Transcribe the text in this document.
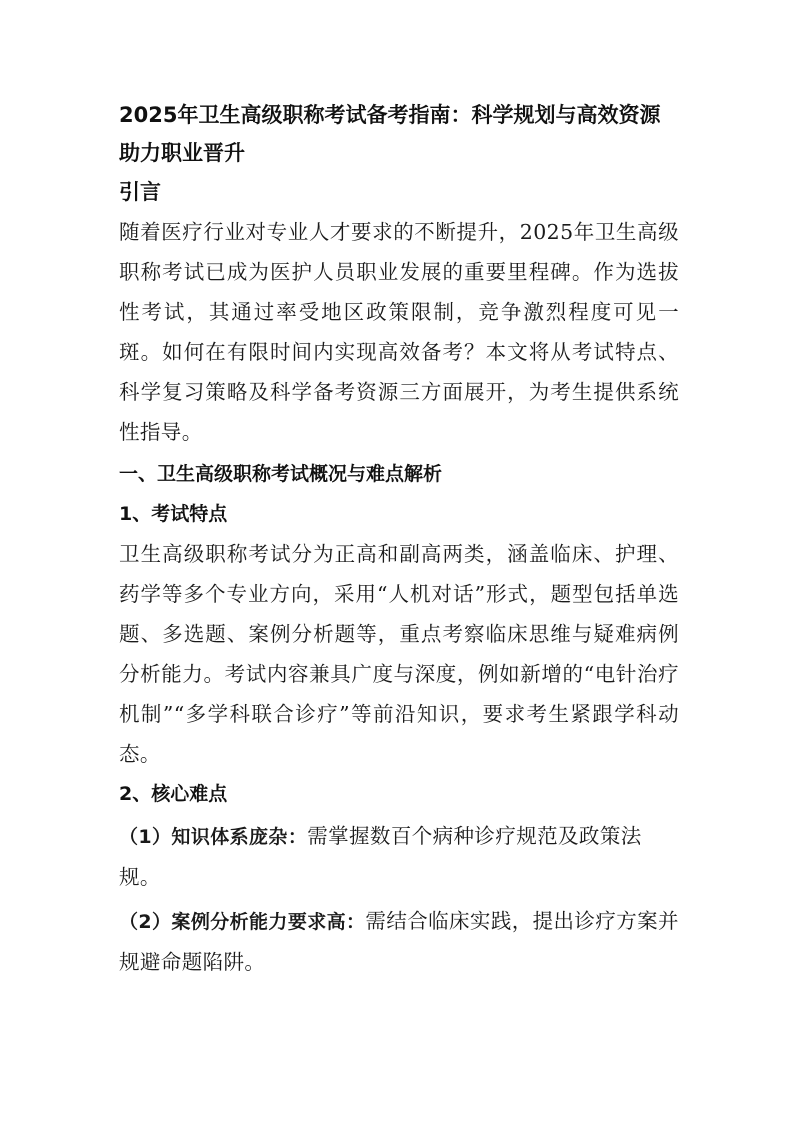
2025年卫生高级职称考试备考指南：科学规划与高效资源助力职业晋升
引言

随着医疗行业对专业人才要求的不断提升，2025年卫生高级职称考试已成为医护人员职业发展的重要里程碑。作为选拔性考试，其通过率受地区政策限制，竞争激烈程度可见一斑。如何在有限时间内实现高效备考？本文将从考试特点、科学复习策略及科学备考资源三方面展开，为考生提供系统性指导。

一、卫生高级职称考试概况与难点解析
1、考试特点

卫生高级职称考试分为正高和副高两类，涵盖临床、护理、药学等多个专业方向，采用“人机对话”形式，题型包括单选题、多选题、案例分析题等，重点考察临床思维与疑难病例分析能力。考试内容兼具广度与深度，例如新增的“电针治疗机制”“多学科联合诊疗”等前沿知识，要求考生紧跟学科动态。

2、核心难点

（1）知识体系庞杂：需掌握数百个病种诊疗规范及政策法规。

（2）案例分析能力要求高：需结合临床实践，提出诊疗方案并规避命题陷阱。
